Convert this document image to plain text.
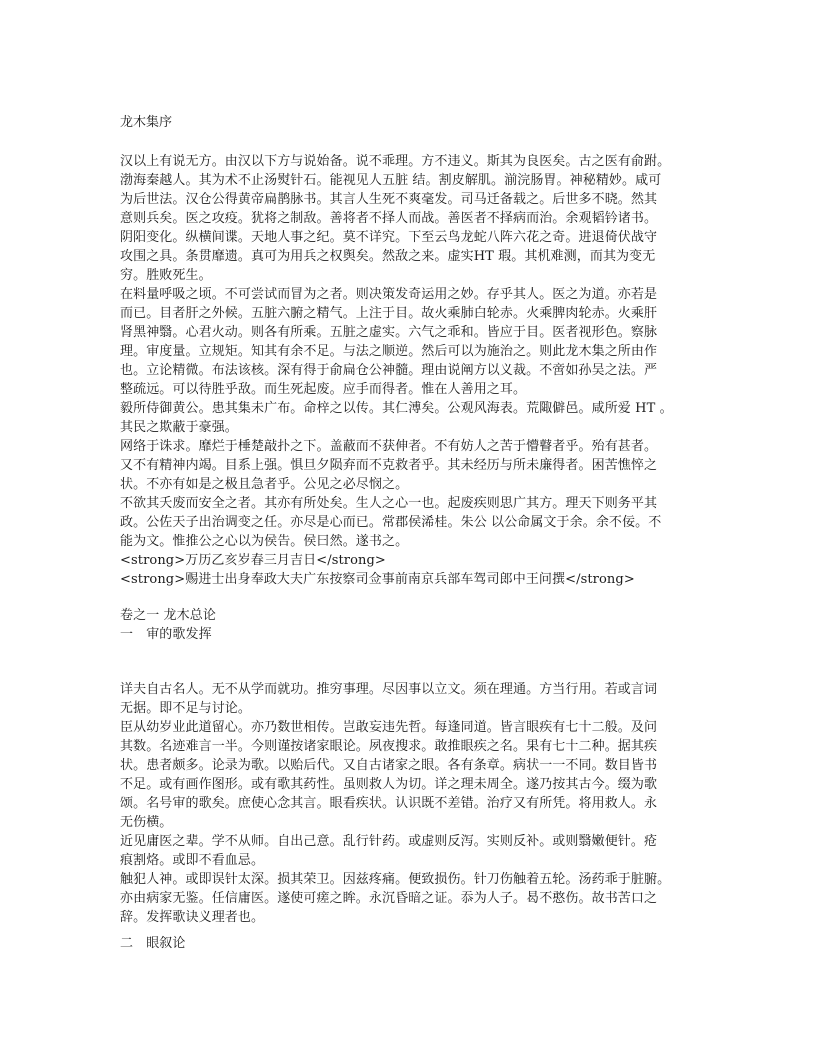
龙木集序

汉以上有说无方。由汉以下方与说始备。说不乖理。方不违义。斯其为良医矣。古之医有俞跗。

渤海秦越人。其为术不止汤熨针石。能视见人五脏 结。割皮解肌。湔浣肠胃。神秘精妙。咸可

为后世法。汉仓公得黄帝扁鹊脉书。其言人生死不爽毫发。司马迁备载之。后世多不晓。然其

意则兵矣。医之攻疫。犹将之制敌。善将者不择人而战。善医者不择病而治。余观韬钤诸书。

阴阳变化。纵横间谍。天地人事之纪。莫不详究。下至云鸟龙蛇八阵六花之奇。进退倚伏战守

攻围之具。条贯靡遗。真可为用兵之权舆矣。然敌之来。虚实HT 瑕。其机难测，而其为变无

穷。胜败死生。

在料量呼吸之顷。不可尝试而冒为之者。则决策发奇运用之妙。存乎其人。医之为道。亦若是

而已。目者肝之外候。五脏六腑之精气。上注于目。故火乘肺白轮赤。火乘脾肉轮赤。火乘肝

肾黑神翳。心君火动。则各有所乘。五脏之虚实。六气之乖和。皆应于目。医者视形色。察脉

理。审度量。立规矩。知其有余不足。与法之顺逆。然后可以为施治之。则此龙木集之所由作

也。立论精微。布法该核。深有得于俞扁仓公神髓。理由说阐方以义裁。不啻如孙吴之法。严

整疏远。可以待胜乎敌。而生死起废。应手而得者。惟在人善用之耳。

毅所侍御黄公。患其集未广布。命梓之以传。其仁溥矣。公观风海表。荒陬僻邑。咸所爱 HT 。

其民之欺蔽于豪强。

网络于诛求。靡烂于棰楚敲扑之下。盖蔽而不获伸者。不有妨人之苦于懵瞽者乎。殆有甚者。

又不有精神内竭。目系上强。惧旦夕陨弃而不克救者乎。其未经历与所未廉得者。困苦憔悴之

状。不亦有如是之极且急者乎。公见之必尽悯之。

不欲其夭废而安全之者。其亦有所处矣。生人之心一也。起废疾则思广其方。理天下则务平其

政。公佐天子出治调变之任。亦尽是心而已。常郡侯浠桂。朱公 以公命属文于余。余不佞。不

能为文。惟推公之心以为侯告。侯曰然。遂书之。

<strong>万历乙亥岁春三月吉日</strong>

<strong>赐进士出身奉政大夫广东按察司佥事前南京兵部车驾司郎中王问撰</strong>

卷之一 龙木总论

一　审的歌发挥

详夫自古名人。无不从学而就功。推穷事理。尽因事以立文。须在理通。方当行用。若或言词

无据。即不足与讨论。

臣从幼岁业此道留心。亦乃数世相传。岂敢妄违先哲。每逢同道。皆言眼疾有七十二般。及问

其数。名迹难言一半。今则谨按诸家眼论。夙夜搜求。敢推眼疾之名。果有七十二种。据其疾

状。患者颇多。论录为歌。以贻后代。又自古诸家之眼。各有条章。病状一一不同。数目皆书

不足。或有画作图形。或有歌其药性。虽则救人为切。详之理未周全。遂乃按其古今。缀为歌

颂。名号审的歌矣。庶使心念其言。眼看疾状。认识既不差错。治疗又有所凭。将用救人。永

无伤横。

近见庸医之辈。学不从师。自出己意。乱行针药。或虚则反泻。实则反补。或则翳嫩便针。疮

痕割烙。或即不看血忌。

触犯人神。或即误针太深。损其荣卫。因兹疼痛。便致损伤。针刀伤触着五轮。汤药乖于脏腑。

亦由病家无鉴。任信庸医。遂使可瘥之眸。永沉昏暗之证。忝为人子。曷不憨伤。故书苦口之

辞。发挥歌诀义理者也。

二　眼叙论
